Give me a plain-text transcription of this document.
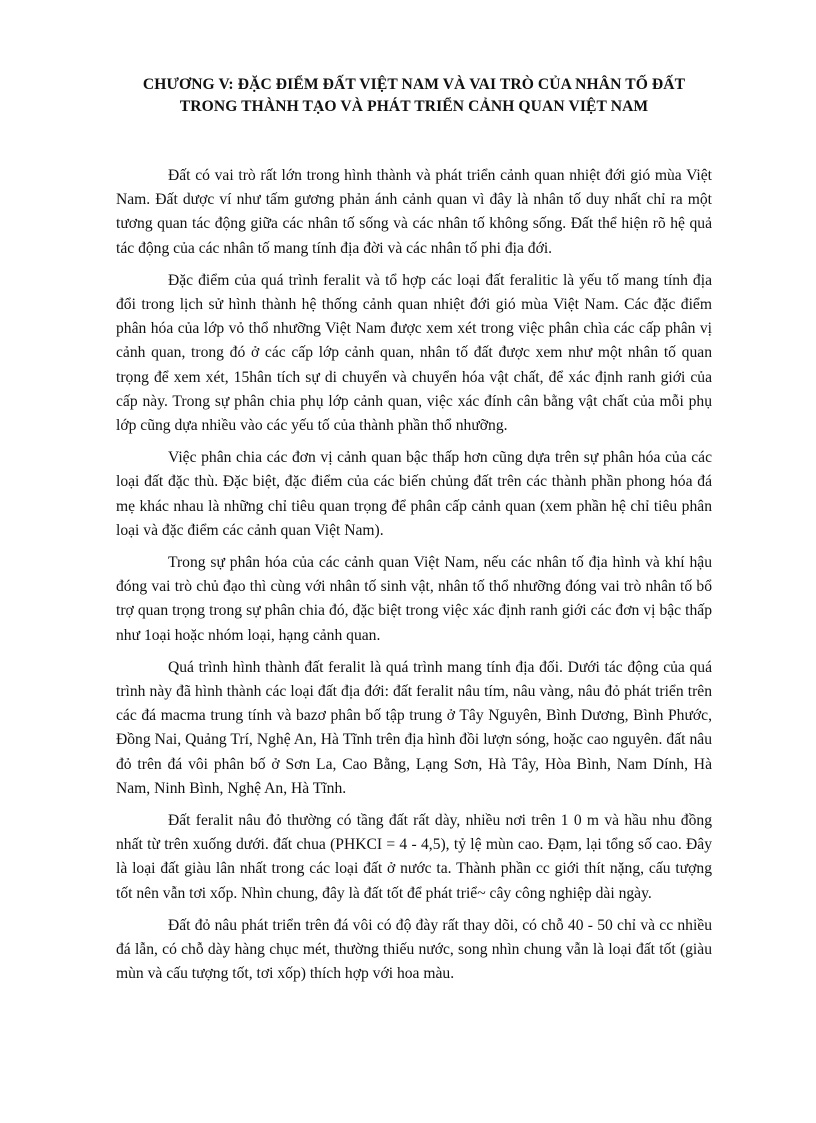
CHƯƠNG V: ĐẶC ĐIỂM ĐẤT VIỆT NAM VÀ VAI TRÒ CỦA NHÂN TỐ ĐẤT
TRONG THÀNH TẠO VÀ PHÁT TRIỂN CẢNH QUAN VIỆT NAM

Đất có vai trò rất lớn trong hình thành và phát triển cảnh quan nhiệt đới gió mùa Việt Nam. Đất dược ví như tấm gương phản ánh cảnh quan vì đây là nhân tố duy nhất chỉ ra một tương quan tác động giữa các nhân tố sống và các nhân tố không sống. Đất thể hiện rõ hệ quả tác động của các nhân tố mang tính địa đời và các nhân tố phi địa đới.

Đặc điểm của quá trình feralit và tổ hợp các loại đất feralitic là yếu tố mang tính địa đổi trong lịch sử hình thành hệ thống cảnh quan nhiệt đới gió mùa Việt Nam. Các đặc điểm phân hóa của lớp vỏ thổ nhưỡng Việt Nam được xem xét trong việc phân chìa các cấp phân vị cảnh quan, trong đó ở các cấp lớp cảnh quan, nhân tố đất được xem như một nhân tố quan trọng để xem xét, 15hân tích sự di chuyển và chuyển hóa vật chất, để xác định ranh giới của cấp này. Trong sự phân chia phụ lớp cảnh quan, việc xác đính cân bằng vật chất của mỗi phụ lớp cũng dựa nhiều vào các yếu tố của thành phần thổ nhưỡng.

Việc phân chia các đơn vị cảnh quan bậc thấp hơn cũng dựa trên sự phân hóa của các loại đất đặc thù. Đặc biệt, đặc điểm của các biến chủng đất trên các thành phần phong hóa đá mẹ khác nhau là những chỉ tiêu quan trọng để phân cấp cảnh quan (xem phần hệ chỉ tiêu phân loại và đặc điểm các cảnh quan Việt Nam).

Trong sự phân hóa của các cảnh quan Việt Nam, nếu các nhân tố địa hình và khí hậu đóng vai trò chủ đạo thì cùng với nhân tố sinh vật, nhân tố thổ nhưỡng đóng vai trò nhân tố bổ trợ quan trọng trong sự phân chia đó, đặc biệt trong việc xác định ranh giới các đơn vị bậc thấp như 1oại hoặc nhóm loại, hạng cảnh quan.

Quá trình hình thành đất feralit là quá trình mang tính địa đối. Dưới tác động của quá trình này đã hình thành các loại đất địa đới: đất feralit nâu tím, nâu vàng, nâu đỏ phát triển trên các đá macma trung tính và bazơ phân bố tập trung ở Tây Nguyên, Bình Dương, Bình Phước, Đồng Nai, Quảng Trí, Nghệ An, Hà Tĩnh trên địa hình đồi lượn sóng, hoặc cao nguyên. đất nâu đỏ trên đá vôi phân bố ở Sơn La, Cao Bằng, Lạng Sơn, Hà Tây, Hòa Bình, Nam Dính, Hà Nam, Ninh Bình, Nghệ An, Hà Tĩnh.

Đất feralit nâu đỏ thường có tầng đất rất dày, nhiều nơi trên 1 0 m và hầu nhu đồng nhất từ trên xuống dưới. đất chua (PHKCI = 4 - 4,5), tỷ lệ mùn cao. Đạm, lại tổng số cao. Đây là loại đất giàu lân nhất trong các loại đất ở nước ta. Thành phần cc giới thít nặng, cấu tượng tốt nên vẫn tơi xốp. Nhìn chung, đây là đất tốt để phát triể~ cây công nghiệp dài ngày.

Đất đỏ nâu phát triển trên đá vôi có độ đày rất thay dõi, có chỗ 40 - 50 chỉ và cc nhiều đá lẫn, có chỗ dày hàng chục mét, thường thiếu nước, song nhìn chung vẫn là loại đất tốt (giàu mùn và cấu tượng tốt, tơi xốp) thích hợp với hoa màu.
